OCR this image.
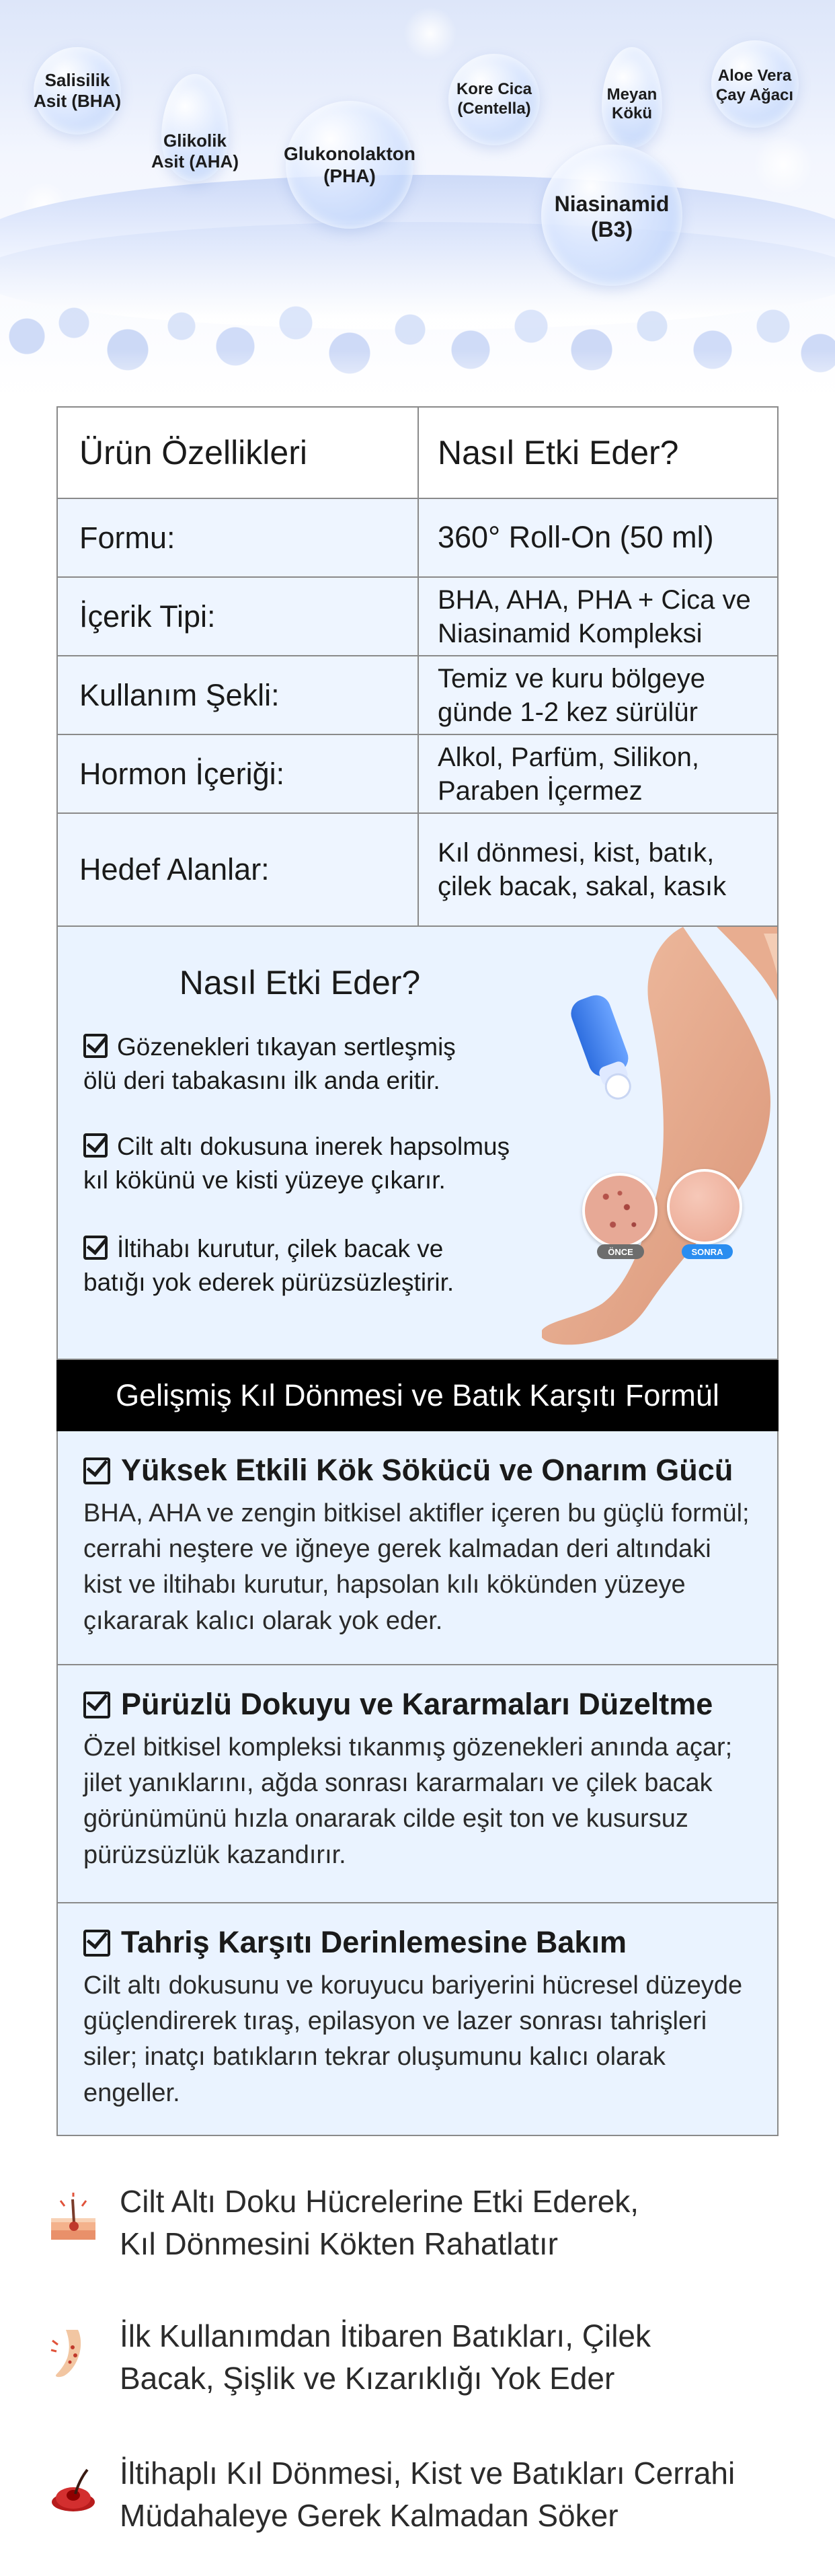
Salisilik
Asit (BHA)
Glikolik
Asit (AHA) Glukonolakton
(PHA)
Kore Cica
(Centella)
Meyan
Kökü
Aloe Vera
Çay Ağacı
Niasinamid
(B3)
Ürün Özellikleri	Nasıl Etki Eder?
Formu:	360° Roll-On (50 ml)
İçerik Tipi:	BHA, AHA, PHA + Cica ve
Niasinamid Kompleksi
Kullanım Şekli:	Temiz ve kuru bölgeye
günde 1-2 kez sürülür
Hormon İçeriği:	Alkol, Parfüm, Silikon,
Paraben İçermez
Hedef Alanlar:	Kıl dönmesi, kist, batık,
çilek bacak, sakal, kasık
Nasıl Etki Eder?
Gözenekleri tıkayan sertleşmiş
ölü deri tabakasını ilk anda eritir.
Cilt altı dokusuna inerek hapsolmuş
kıl kökünü ve kisti yüzeye çıkarır.
İltihabı kurutur, çilek bacak ve
batığı yok ederek pürüzsüzleştirir.
ÖNCE	SONRA
Gelişmiş Kıl Dönmesi ve Batık Karşıtı Formül
Yüksek Etkili Kök Sökücü ve Onarım Gücü

BHA, AHA ve zengin bitkisel aktifler içeren bu güçlü formül; cerrahi neştere ve iğneye gerek kalmadan deri altındaki kist ve iltihabı kurutur, hapsolan kılı kökünden yüzeye çıkararak kalıcı olarak yok eder.

Pürüzlü Dokuyu ve Kararmaları Düzeltme

Özel bitkisel kompleksi tıkanmış gözenekleri anında açar; jilet yanıklarını, ağda sonrası kararmaları ve çilek bacak görünümünü hızla onararak cilde eşit ton ve kusursuz pürüzsüzlük kazandırır.

Tahriş Karşıtı Derinlemesine Bakım

Cilt altı dokusunu ve koruyucu bariyerini hücresel düzeyde güçlendirerek tıraş, epilasyon ve lazer sonrası tahrişleri siler; inatçı batıkların tekrar oluşumunu kalıcı olarak engeller.

Cilt Altı Doku Hücrelerine Etki Ederek,
Kıl Dönmesini Kökten Rahatlatır
İlk Kullanımdan İtibaren Batıkları, Çilek
Bacak, Şişlik ve Kızarıklığı Yok Eder
İltihaplı Kıl Dönmesi, Kist ve Batıkları Cerrahi
Müdahaleye Gerek Kalmadan Söker
